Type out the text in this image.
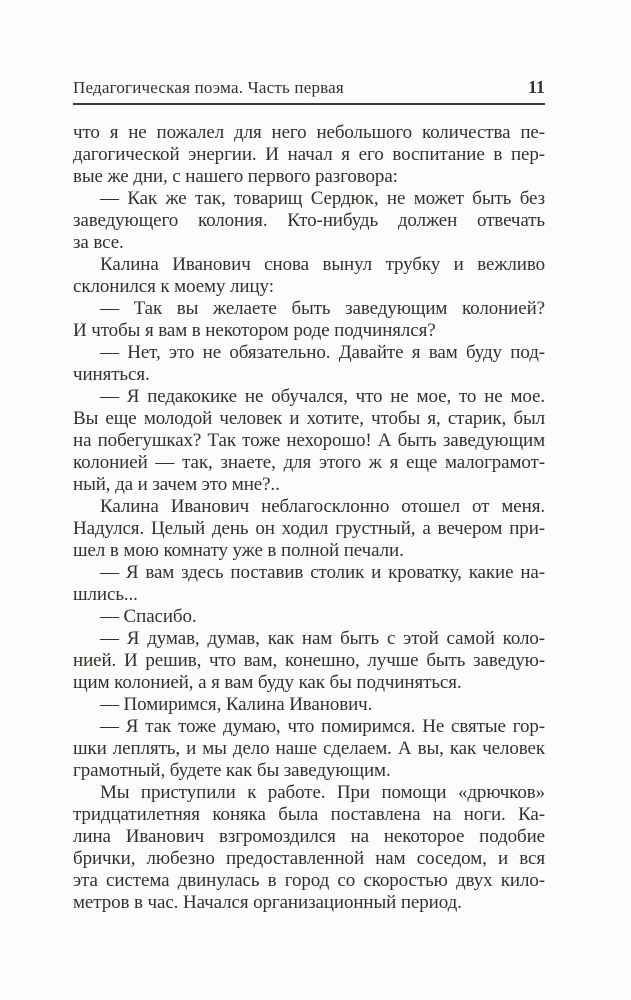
Педагогическая поэма. Часть первая	11

что я не пожалел для него небольшого количества пе-
дагогической энергии. И начал я его воспитание в пер-
вые же дни, с нашего первого разговора:

— Как же так, товарищ Сердюк, не может быть без
заведующего колония. Кто-нибудь должен отвечать
за все.

Калина Иванович снова вынул трубку и вежливо
склонился к моему лицу:

— Так вы желаете быть заведующим колонией?
И чтобы я вам в некотором роде подчинялся?

— Нет, это не обязательно. Давайте я вам буду под-
чиняться.

— Я педакокике не обучался, что не мое, то не мое.
Вы еще молодой человек и хотите, чтобы я, старик, был
на побегушках? Так тоже нехорошо! А быть заведующим
колонией — так, знаете, для этого ж я еще малограмот-
ный, да и зачем это мне?..

Калина Иванович неблагосклонно отошел от меня.
Надулся. Целый день он ходил грустный, а вечером при-
шел в мою комнату уже в полной печали.

— Я вам здесь поставив столик и кроватку, какие на-
шлись...

— Спасибо.

— Я думав, думав, как нам быть с этой самой коло-
нией. И решив, что вам, конешно, лучше быть заведую-
щим колонией, а я вам буду как бы подчиняться.

— Помиримся, Калина Иванович.

— Я так тоже думаю, что помиримся. Не святые гор-
шки леплять, и мы дело наше сделаем. А вы, как человек
грамотный, будете как бы заведующим.

Мы приступили к работе. При помощи «дрючков»
тридцатилетняя коняка была поставлена на ноги. Ка-
лина Иванович взгромоздился на некоторое подобие
брички, любезно предоставленной нам соседом, и вся
эта система двинулась в город со скоростью двух кило-
метров в час. Начался организационный период.
